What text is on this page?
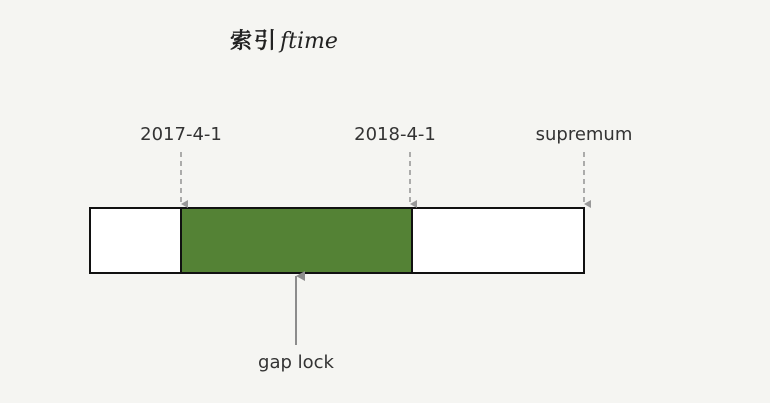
索引ftime
2017-4-1	2018-4-1	supremum
gap lock
